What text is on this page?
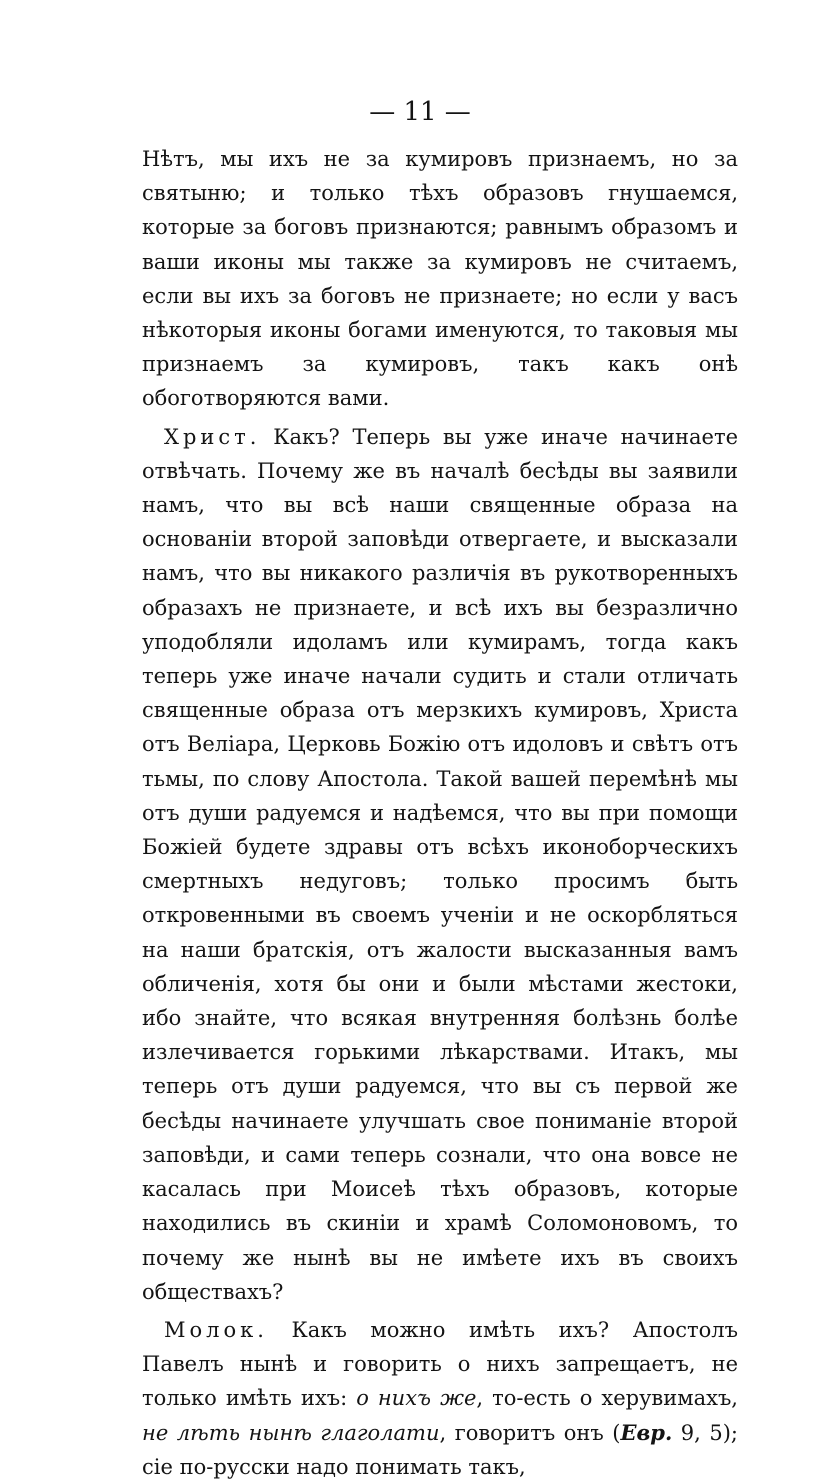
— 11 —

Нѣтъ, мы ихъ не за кумировъ признаемъ, но за святыню; и только тѣхъ образовъ гнушаемся, которые за боговъ признаются; равнымъ образомъ и ваши иконы мы также за кумировъ не считаемъ, если вы ихъ за боговъ не признаете; но если у васъ нѣкоторыя иконы богами именуются, то таковыя мы признаемъ за кумировъ, такъ какъ онѣ обоготворяются вами.

Христ. Какъ? Теперь вы уже иначе начинаете отвѣчать. Почему же въ началѣ бесѣды вы заявили намъ, что вы всѣ наши священные образа на основаніи второй заповѣди отвергаете, и высказали намъ, что вы никакого различія въ рукотворенныхъ образахъ не признаете, и всѣ ихъ вы безразлично уподобляли идоламъ или кумирамъ, тогда какъ теперь уже иначе начали судить и стали отличать священные образа отъ мерзкихъ кумировъ, Христа отъ Веліара, Церковь Божію отъ идоловъ и свѣтъ отъ тьмы, по слову Апостола. Такой вашей перемѣнѣ мы отъ души радуемся и надѣемся, что вы при помощи Божіей будете здравы отъ всѣхъ иконоборческихъ смертныхъ недуговъ; только просимъ быть откровенными въ своемъ ученіи и не оскорбляться на наши братскія, отъ жалости высказанныя вамъ обличенія, хотя бы они и были мѣстами жестоки, ибо знайте, что всякая внутренняя болѣзнь болѣе излечивается горькими лѣкарствами. Итакъ, мы теперь отъ души радуемся, что вы съ первой же бесѣды начинаете улучшать свое пониманіе второй заповѣди, и сами теперь сознали, что она вовсе не касалась при Моисеѣ тѣхъ образовъ, которые находились въ скиніи и храмѣ Соломоновомъ, то почему же нынѣ вы не имѣете ихъ въ своихъ обществахъ?

Молок. Какъ можно имѣть ихъ? Апостолъ Павелъ нынѣ и говорить о нихъ запрещаетъ, не только имѣть ихъ: о нихъ же, то-есть о херувимахъ, не лѣть нынѣ глаголати, говоритъ онъ (Евр. 9, 5); сіе по-русски надо понимать такъ,
